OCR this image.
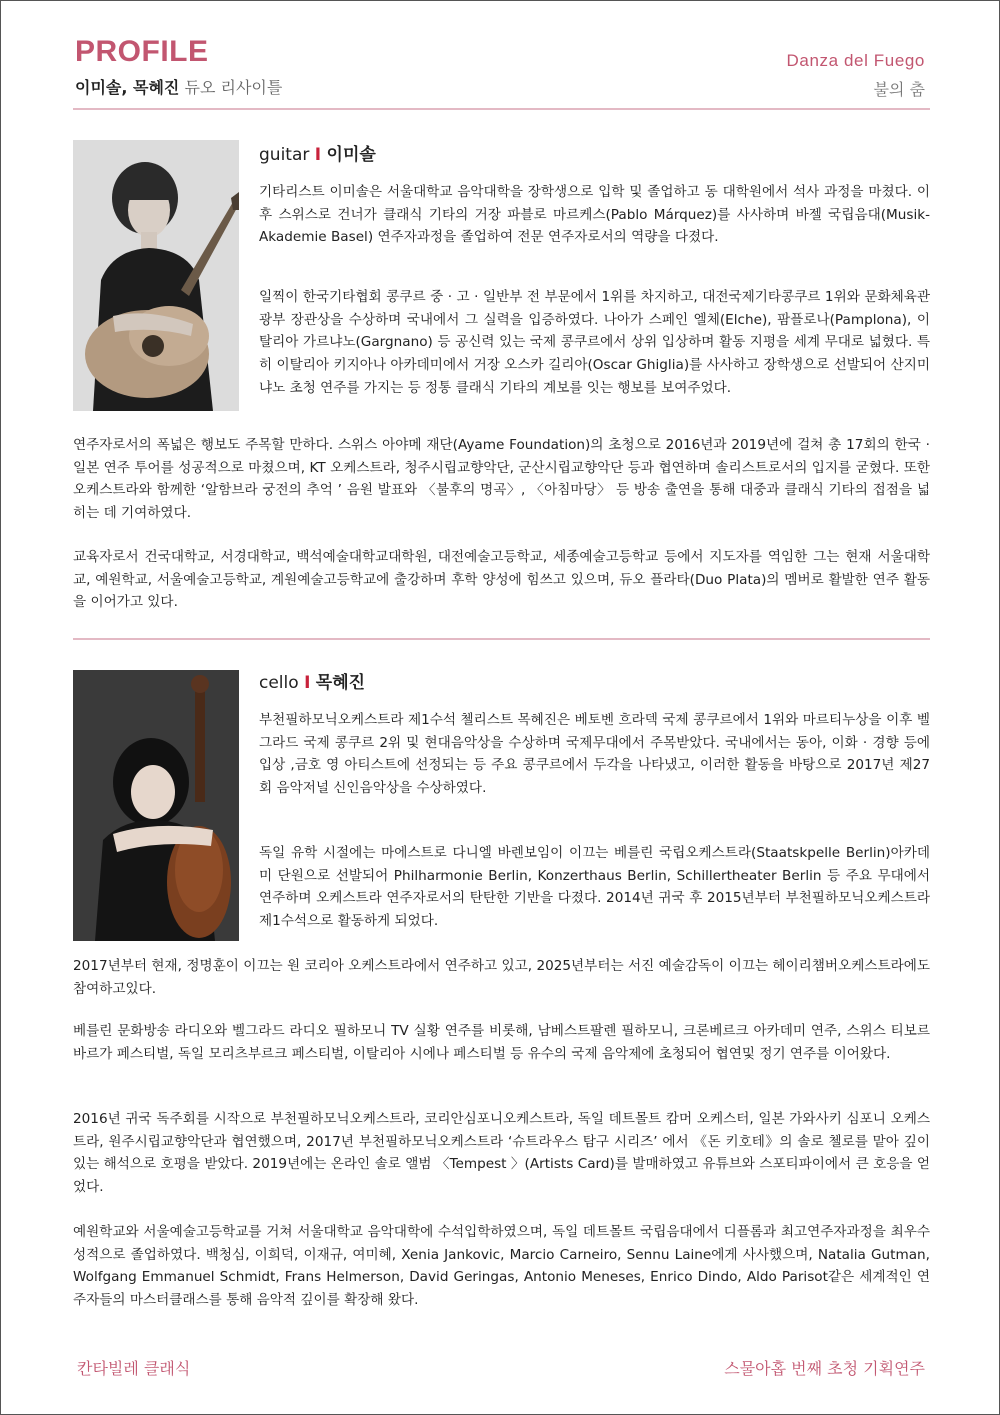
PROFILE
이미솔, 목혜진 듀오 리사이틀
Danza del Fuego
불의 춤
guitar I 이미솔

기타리스트 이미솔은 서울대학교 음악대학을 장학생으로 입학 및 졸업하고 동 대학원에서 석사 과정을 마쳤다. 이후 스위스로 건너가 클래식 기타의 거장 파블로 마르케스(Pablo Márquez)를 사사하며 바젤 국립음대(Musik-Akademie Basel) 연주자과정을 졸업하여 전문 연주자로서의 역량을 다졌다.

일찍이 한국기타협회 콩쿠르 중 · 고 · 일반부 전 부문에서 1위를 차지하고, 대전국제기타콩쿠르 1위와 문화체육관광부 장관상을 수상하며 국내에서 그 실력을 입증하였다. 나아가 스페인 엘체(Elche), 팜플로나(Pamplona), 이탈리아 가르냐노(Gargnano) 등 공신력 있는 국제 콩쿠르에서 상위 입상하며 활동 지평을 세계 무대로 넓혔다. 특히 이탈리아 키지아나 아카데미에서 거장 오스카 길리아(Oscar Ghiglia)를 사사하고 장학생으로 선발되어 산지미냐노 초청 연주를 가지는 등 정통 클래식 기타의 계보를 잇는 행보를 보여주었다.

연주자로서의 폭넓은 행보도 주목할 만하다. 스위스 아야메 재단(Ayame Foundation)의 초청으로 2016년과 2019년에 걸쳐 총 17회의 한국 · 일본 연주 투어를 성공적으로 마쳤으며, KT 오케스트라, 청주시립교향악단, 군산시립교향악단 등과 협연하며 솔리스트로서의 입지를 굳혔다. 또한 오케스트라와 함께한 ‘알함브라 궁전의 추억 ’ 음원 발표와 〈불후의 명곡〉, 〈아침마당〉 등 방송 출연을 통해 대중과 클래식 기타의 접점을 넓히는 데 기여하였다.

교육자로서 건국대학교, 서경대학교, 백석예술대학교대학원, 대전예술고등학교, 세종예술고등학교 등에서 지도자를 역임한 그는 현재 서울대학교, 예원학교, 서울예술고등학교, 계원예술고등학교에 출강하며 후학 양성에 힘쓰고 있으며, 듀오 플라타(Duo Plata)의 멤버로 활발한 연주 활동을 이어가고 있다.

cello I 목혜진

부천필하모닉오케스트라 제1수석 첼리스트 목혜진은 베토벤 흐라덱 국제 콩쿠르에서 1위와 마르티누상을 이후 벨그라드 국제 콩쿠르 2위 및 현대음악상을 수상하며 국제무대에서 주목받았다. 국내에서는 동아, 이화 · 경향 등에 입상 ,금호 영 아티스트에 선정되는 등 주요 콩쿠르에서 두각을 나타냈고, 이러한 활동을 바탕으로 2017년 제27회 음악저널 신인음악상을 수상하였다.

독일 유학 시절에는 마에스트로 다니엘 바렌보임이 이끄는 베를린 국립오케스트라(Staatskpelle Berlin)아카데미 단원으로 선발되어 Philharmonie Berlin, Konzerthaus Berlin, Schillertheater Berlin 등 주요 무대에서 연주하며 오케스트라 연주자로서의 탄탄한 기반을 다졌다. 2014년 귀국 후 2015년부터 부천필하모닉오케스트라 제1수석으로 활동하게 되었다.

2017년부터 현재, 정명훈이 이끄는 원 코리아 오케스트라에서 연주하고 있고, 2025년부터는 서진 예술감독이 이끄는 헤이리챔버오케스트라에도 참여하고있다.

베를린 문화방송 라디오와 벨그라드 라디오 필하모니 TV 실황 연주를 비롯해, 남베스트팔렌 필하모니, 크론베르크 아카데미 연주, 스위스 티보르 바르가 페스티벌, 독일 모리츠부르크 페스티벌, 이탈리아 시에나 페스티벌 등 유수의 국제 음악제에 초청되어 협연및 정기 연주를 이어왔다.

2016년 귀국 독주회를 시작으로 부천필하모닉오케스트라, 코리안심포니오케스트라, 독일 데트몰트 캄머 오케스터, 일본 가와사키 심포니 오케스트라, 원주시립교향악단과 협연했으며, 2017년 부천필하모닉오케스트라 ‘슈트라우스 탐구 시리즈’ 에서 《돈 키호테》의 솔로 첼로를 맡아 깊이 있는 해석으로 호평을 받았다. 2019년에는 온라인 솔로 앨범 〈Tempest 〉(Artists Card)를 발매하였고 유튜브와 스포티파이에서 큰 호응을 얻었다.

예원학교와 서울예술고등학교를 거쳐 서울대학교 음악대학에 수석입학하였으며, 독일 데트몰트 국립음대에서 디플롬과 최고연주자과정을 최우수 성적으로 졸업하였다. 백청심, 이희덕, 이재규, 여미혜, Xenia Jankovic, Marcio Carneiro, Sennu Laine에게 사사했으며, Natalia Gutman, Wolfgang Emmanuel Schmidt, Frans Helmerson, David Geringas, Antonio Meneses, Enrico Dindo, Aldo Parisot같은 세계적인 연주자들의 마스터클래스를 통해 음악적 깊이를 확장해 왔다.

칸타빌레 클래식	스물아홉 번째 초청 기획연주
